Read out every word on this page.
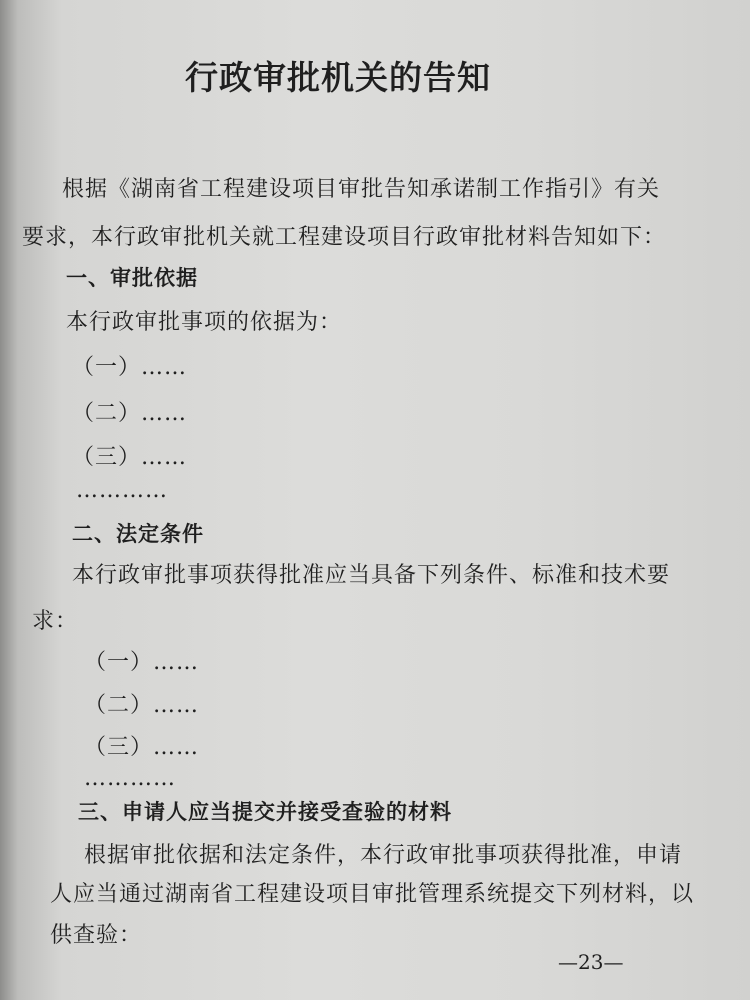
行政审批机关的告知
根据《湖南省工程建设项目审批告知承诺制工作指引》有关
要求，本行政审批机关就工程建设项目行政审批材料告知如下：
一、审批依据
本行政审批事项的依据为：
（一）……
（二）……
（三）……
…………
二、法定条件
本行政审批事项获得批准应当具备下列条件、标准和技术要
求：
（一）……
（二）……
（三）……
…………
三、申请人应当提交并接受查验的材料
根据审批依据和法定条件，本行政审批事项获得批准，申请
人应当通过湖南省工程建设项目审批管理系统提交下列材料，以
供查验：
—23—
